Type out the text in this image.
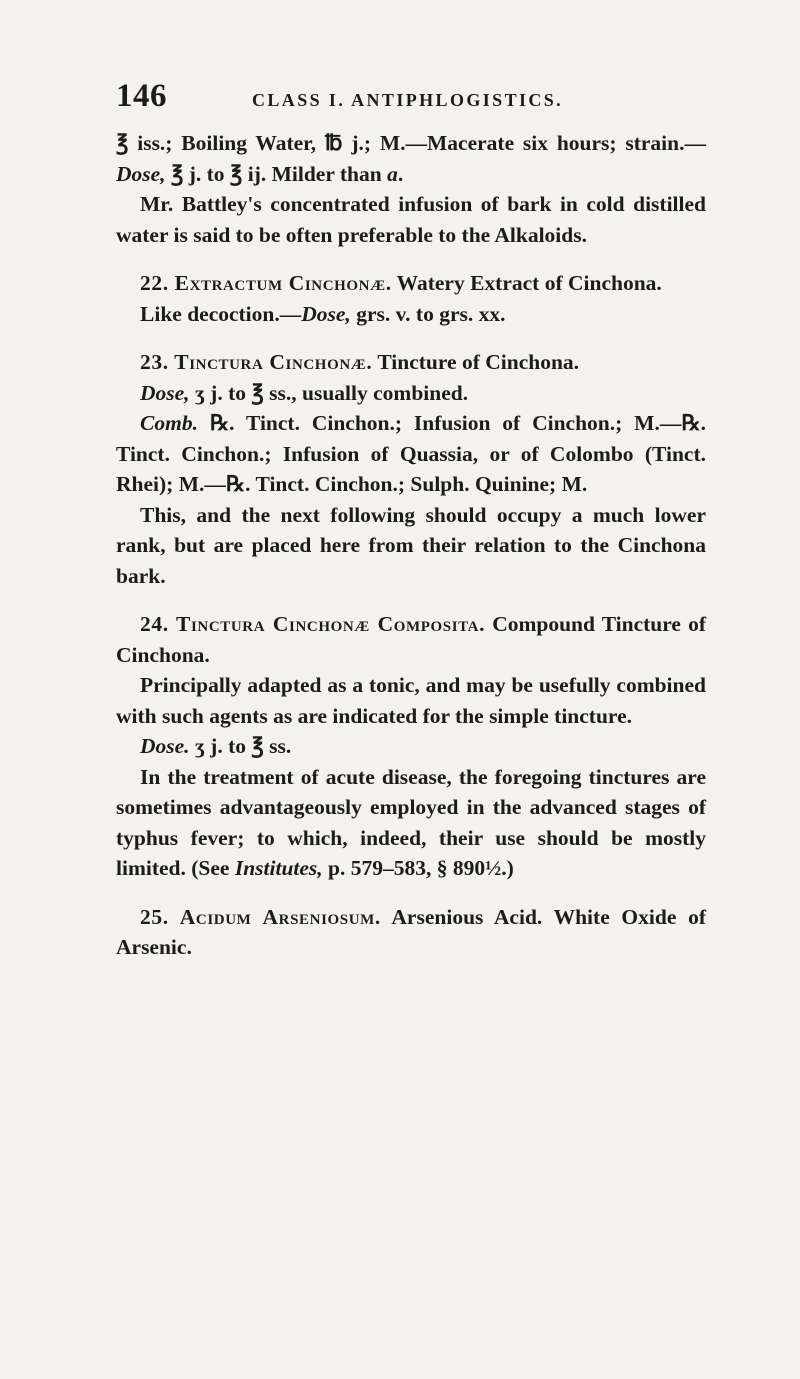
146	CLASS I. ANTIPHLOGISTICS.

℥ iss.; Boiling Water, ℔ j.; M.—Macerate six hours; strain.—Dose, ℥ j. to ℥ ij. Milder than a.

Mr. Battley's concentrated infusion of bark in cold distilled water is said to be often preferable to the Alkaloids.

22. Extractum Cinchonæ. Watery Extract of Cinchona.

Like decoction.—Dose, grs. v. to grs. xx.

23. Tinctura Cinchonæ. Tincture of Cinchona.

Dose, ʒ j. to ℥ ss., usually combined.

Comb. ℞. Tinct. Cinchon.; Infusion of Cinchon.; M.—℞. Tinct. Cinchon.; Infusion of Quassia, or of Colombo (Tinct. Rhei); M.—℞. Tinct. Cinchon.; Sulph. Quinine; M.

This, and the next following should occupy a much lower rank, but are placed here from their relation to the Cinchona bark.

24. Tinctura Cinchonæ Composita. Compound Tincture of Cinchona.

Principally adapted as a tonic, and may be usefully combined with such agents as are indicated for the simple tincture.

Dose. ʒ j. to ℥ ss.

In the treatment of acute disease, the foregoing tinctures are sometimes advantageously employed in the advanced stages of typhus fever; to which, indeed, their use should be mostly limited. (See Institutes, p. 579–583, § 890½.)

25. Acidum Arseniosum. Arsenious Acid. White Oxide of Arsenic.
